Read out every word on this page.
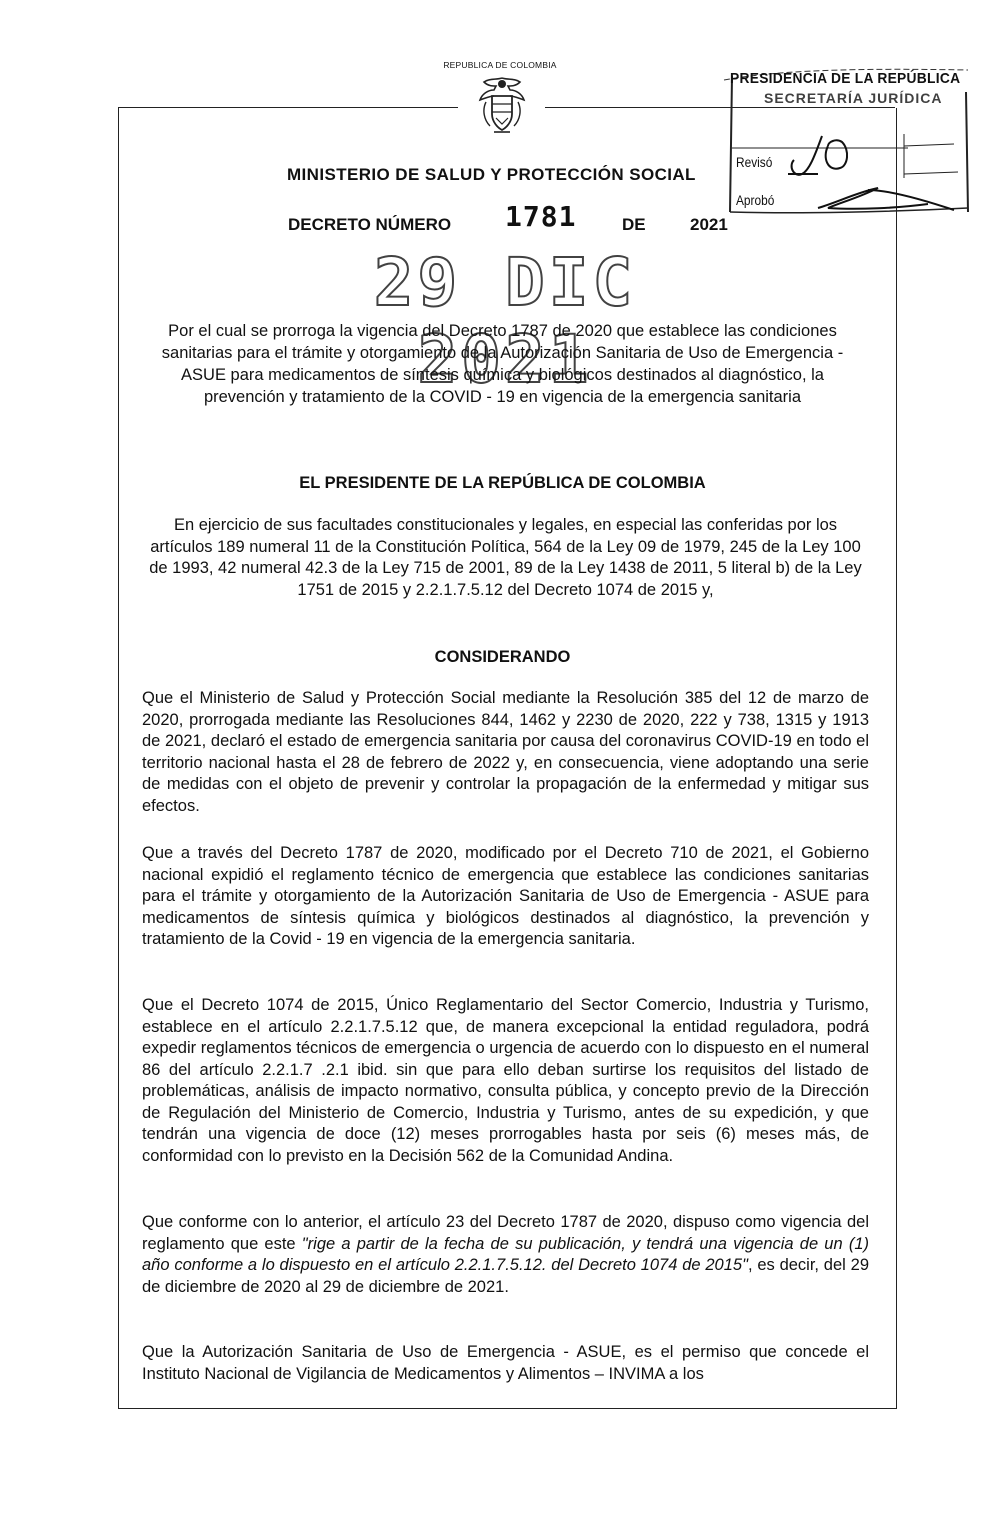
REPUBLICA DE COLOMBIA
PRESIDENCIA DE LA REPÚBLICA
SECRETARÍA JURÍDICA
Revisó
Aprobó
MINISTERIO DE SALUD Y PROTECCIÓN SOCIAL
DECRETO NÚMERO 1781	DE	2021
29 DIC 2021
Por el cual se prorroga la vigencia del Decreto 1787 de 2020 que establece las condiciones sanitarias para el trámite y otorgamiento de la Autorización Sanitaria de Uso de Emergencia - ASUE para medicamentos de síntesis química y biológicos destinados al diagnóstico, la prevención y tratamiento de la COVID - 19 en vigencia de la emergencia sanitaria
EL PRESIDENTE DE LA REPÚBLICA DE COLOMBIA
En ejercicio de sus facultades constitucionales y legales, en especial las conferidas por los artículos 189 numeral 11 de la Constitución Política, 564 de la Ley 09 de 1979, 245 de la Ley 100 de 1993, 42 numeral 42.3 de la Ley 715 de 2001, 89 de la Ley 1438 de 2011, 5 literal b) de la Ley 1751 de 2015 y 2.2.1.7.5.12 del Decreto 1074 de 2015 y,
CONSIDERANDO
Que el Ministerio de Salud y Protección Social mediante la Resolución 385 del 12 de marzo de 2020, prorrogada mediante las Resoluciones 844, 1462 y 2230 de 2020, 222 y 738, 1315 y 1913 de 2021, declaró el estado de emergencia sanitaria por causa del coronavirus COVID-19 en todo el territorio nacional hasta el 28 de febrero de 2022 y, en consecuencia, viene adoptando una serie de medidas con el objeto de prevenir y controlar la propagación de la enfermedad y mitigar sus efectos.
Que a través del Decreto 1787 de 2020, modificado por el Decreto 710 de 2021, el Gobierno nacional expidió el reglamento técnico de emergencia que establece las condiciones sanitarias para el trámite y otorgamiento de la Autorización Sanitaria de Uso de Emergencia - ASUE para medicamentos de síntesis química y biológicos destinados al diagnóstico, la prevención y tratamiento de la Covid - 19 en vigencia de la emergencia sanitaria.
Que el Decreto 1074 de 2015, Único Reglamentario del Sector Comercio, Industria y Turismo, establece en el artículo 2.2.1.7.5.12 que, de manera excepcional la entidad reguladora, podrá expedir reglamentos técnicos de emergencia o urgencia de acuerdo con lo dispuesto en el numeral 86 del artículo 2.2.1.7 .2.1 ibid. sin que para ello deban surtirse los requisitos del listado de problemáticas, análisis de impacto normativo, consulta pública, y concepto previo de la Dirección de Regulación del Ministerio de Comercio, Industria y Turismo, antes de su expedición, y que tendrán una vigencia de doce (12) meses prorrogables hasta por seis (6) meses más, de conformidad con lo previsto en la Decisión 562 de la Comunidad Andina.
Que conforme con lo anterior, el artículo 23 del Decreto 1787 de 2020, dispuso como vigencia del reglamento que este "rige a partir de la fecha de su publicación, y tendrá una vigencia de un (1) año conforme a lo dispuesto en el artículo 2.2.1.7.5.12. del Decreto 1074 de 2015", es decir, del 29 de diciembre de 2020 al 29 de diciembre de 2021.
Que la Autorización Sanitaria de Uso de Emergencia - ASUE, es el permiso que concede el Instituto Nacional de Vigilancia de Medicamentos y Alimentos – INVIMA a los
